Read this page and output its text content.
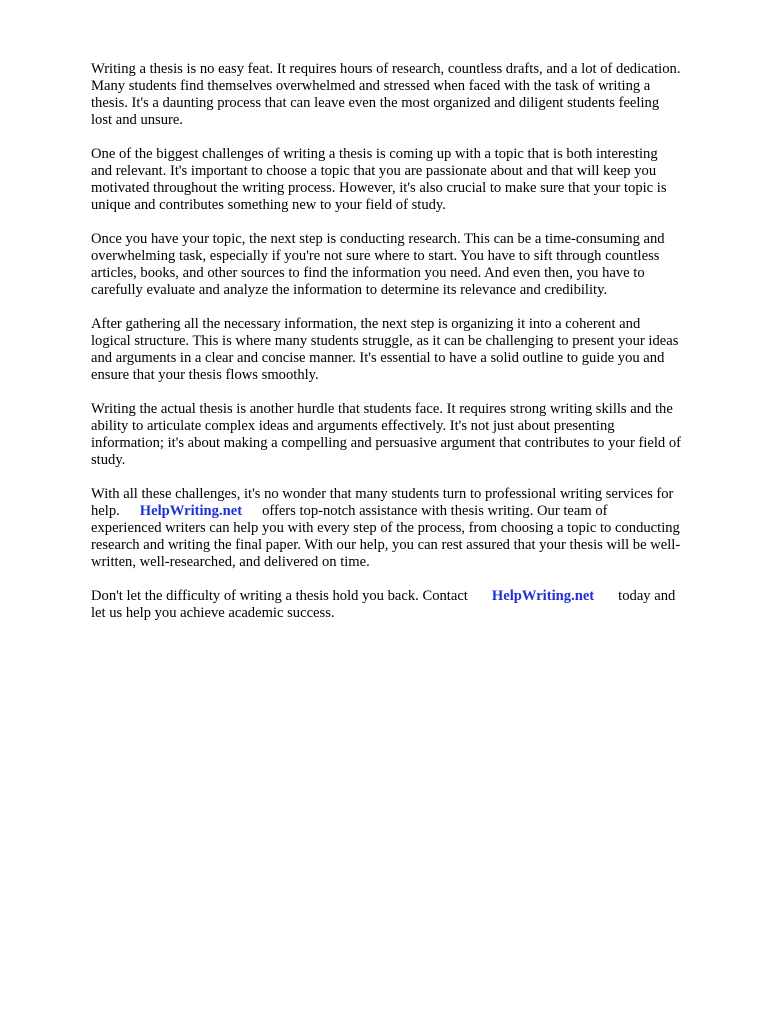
Writing a thesis is no easy feat. It requires hours of research, countless drafts, and a lot of dedication.
Many students find themselves overwhelmed and stressed when faced with the task of writing a
thesis. It's a daunting process that can leave even the most organized and diligent students feeling
lost and unsure.

One of the biggest challenges of writing a thesis is coming up with a topic that is both interesting
and relevant. It's important to choose a topic that you are passionate about and that will keep you
motivated throughout the writing process. However, it's also crucial to make sure that your topic is
unique and contributes something new to your field of study.

Once you have your topic, the next step is conducting research. This can be a time-consuming and
overwhelming task, especially if you're not sure where to start. You have to sift through countless
articles, books, and other sources to find the information you need. And even then, you have to
carefully evaluate and analyze the information to determine its relevance and credibility.

After gathering all the necessary information, the next step is organizing it into a coherent and
logical structure. This is where many students struggle, as it can be challenging to present your ideas
and arguments in a clear and concise manner. It's essential to have a solid outline to guide you and
ensure that your thesis flows smoothly.

Writing the actual thesis is another hurdle that students face. It requires strong writing skills and the
ability to articulate complex ideas and arguments effectively. It's not just about presenting
information; it's about making a compelling and persuasive argument that contributes to your field of
study.

With all these challenges, it's no wonder that many students turn to professional writing services for
help. HelpWriting.net offers top-notch assistance with thesis writing. Our team of
experienced writers can help you with every step of the process, from choosing a topic to conducting
research and writing the final paper. With our help, you can rest assured that your thesis will be well-
written, well-researched, and delivered on time.

Don't let the difficulty of writing a thesis hold you back. Contact HelpWriting.net today and
let us help you achieve academic success.
